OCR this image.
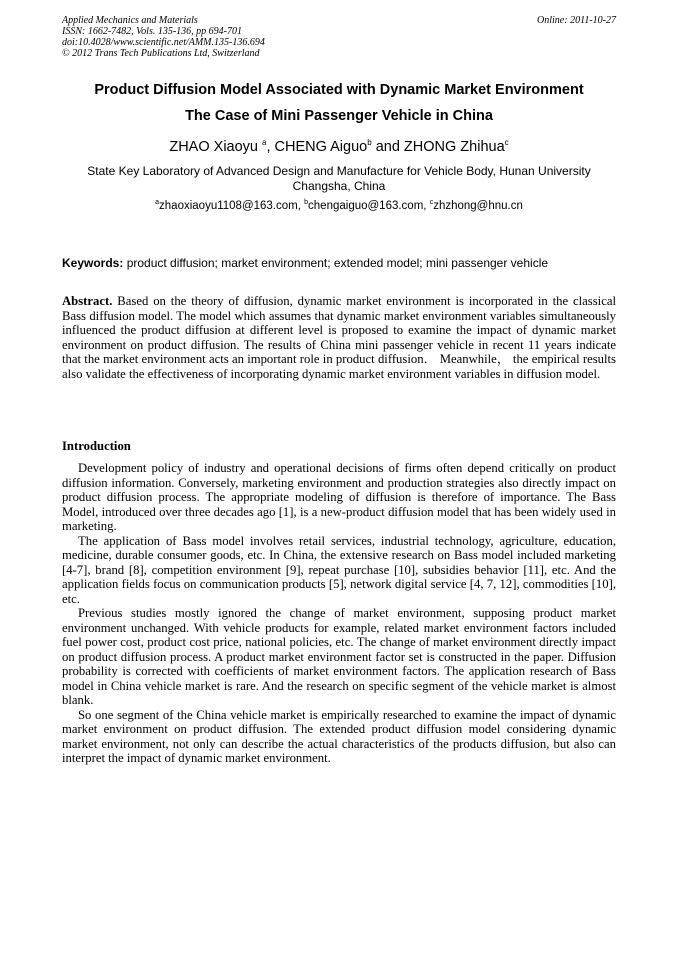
Applied Mechanics and Materials
ISSN: 1662-7482, Vols. 135-136, pp 694-701
doi:10.4028/www.scientific.net/AMM.135-136.694
© 2012 Trans Tech Publications Ltd, Switzerland
Online: 2011-10-27
Product Diffusion Model Associated with Dynamic Market Environment
The Case of Mini Passenger Vehicle in China
ZHAO Xiaoyu $^a$, CHENG Aiguo$^b$ and ZHONG Zhihua$^c$
State Key Laboratory of Advanced Design and Manufacture for Vehicle Body, Hunan University
Changsha, China
$^a$zhaoxiaoyu1108@163.com, $^b$chengaiguo@163.com, $^c$zhzhong@hnu.cn
Keywords: product diffusion; market environment; extended model; mini passenger vehicle
Abstract. Based on the theory of diffusion, dynamic market environment is incorporated in the classical Bass diffusion model. The model which assumes that dynamic market environment variables simultaneously influenced the product diffusion at different level is proposed to examine the impact of dynamic market environment on product diffusion. The results of China mini passenger vehicle in recent 11 years indicate that the market environment acts an important role in product diffusion． Meanwhile， the empirical results also validate the effectiveness of incorporating dynamic market environment variables in diffusion model.
Introduction

Development policy of industry and operational decisions of firms often depend critically on product diffusion information. Conversely, marketing environment and production strategies also directly impact on product diffusion process. The appropriate modeling of diffusion is therefore of importance. The Bass Model, introduced over three decades ago [1], is a new-product diffusion model that has been widely used in marketing.

The application of Bass model involves retail services, industrial technology, agriculture, education, medicine, durable consumer goods, etc. In China, the extensive research on Bass model included marketing [4-7], brand [8], competition environment [9], repeat purchase [10], subsidies behavior [11], etc. And the application fields focus on communication products [5], network digital service [4, 7, 12], commodities [10], etc.

Previous studies mostly ignored the change of market environment, supposing product market environment unchanged. With vehicle products for example, related market environment factors included fuel power cost, product cost price, national policies, etc. The change of market environment directly impact on product diffusion process. A product market environment factor set is constructed in the paper. Diffusion probability is corrected with coefficients of market environment factors. The application research of Bass model in China vehicle market is rare. And the research on specific segment of the vehicle market is almost blank.

So one segment of the China vehicle market is empirically researched to examine the impact of dynamic market environment on product diffusion. The extended product diffusion model considering dynamic market environment, not only can describe the actual characteristics of the products diffusion, but also can interpret the impact of dynamic market environment.
